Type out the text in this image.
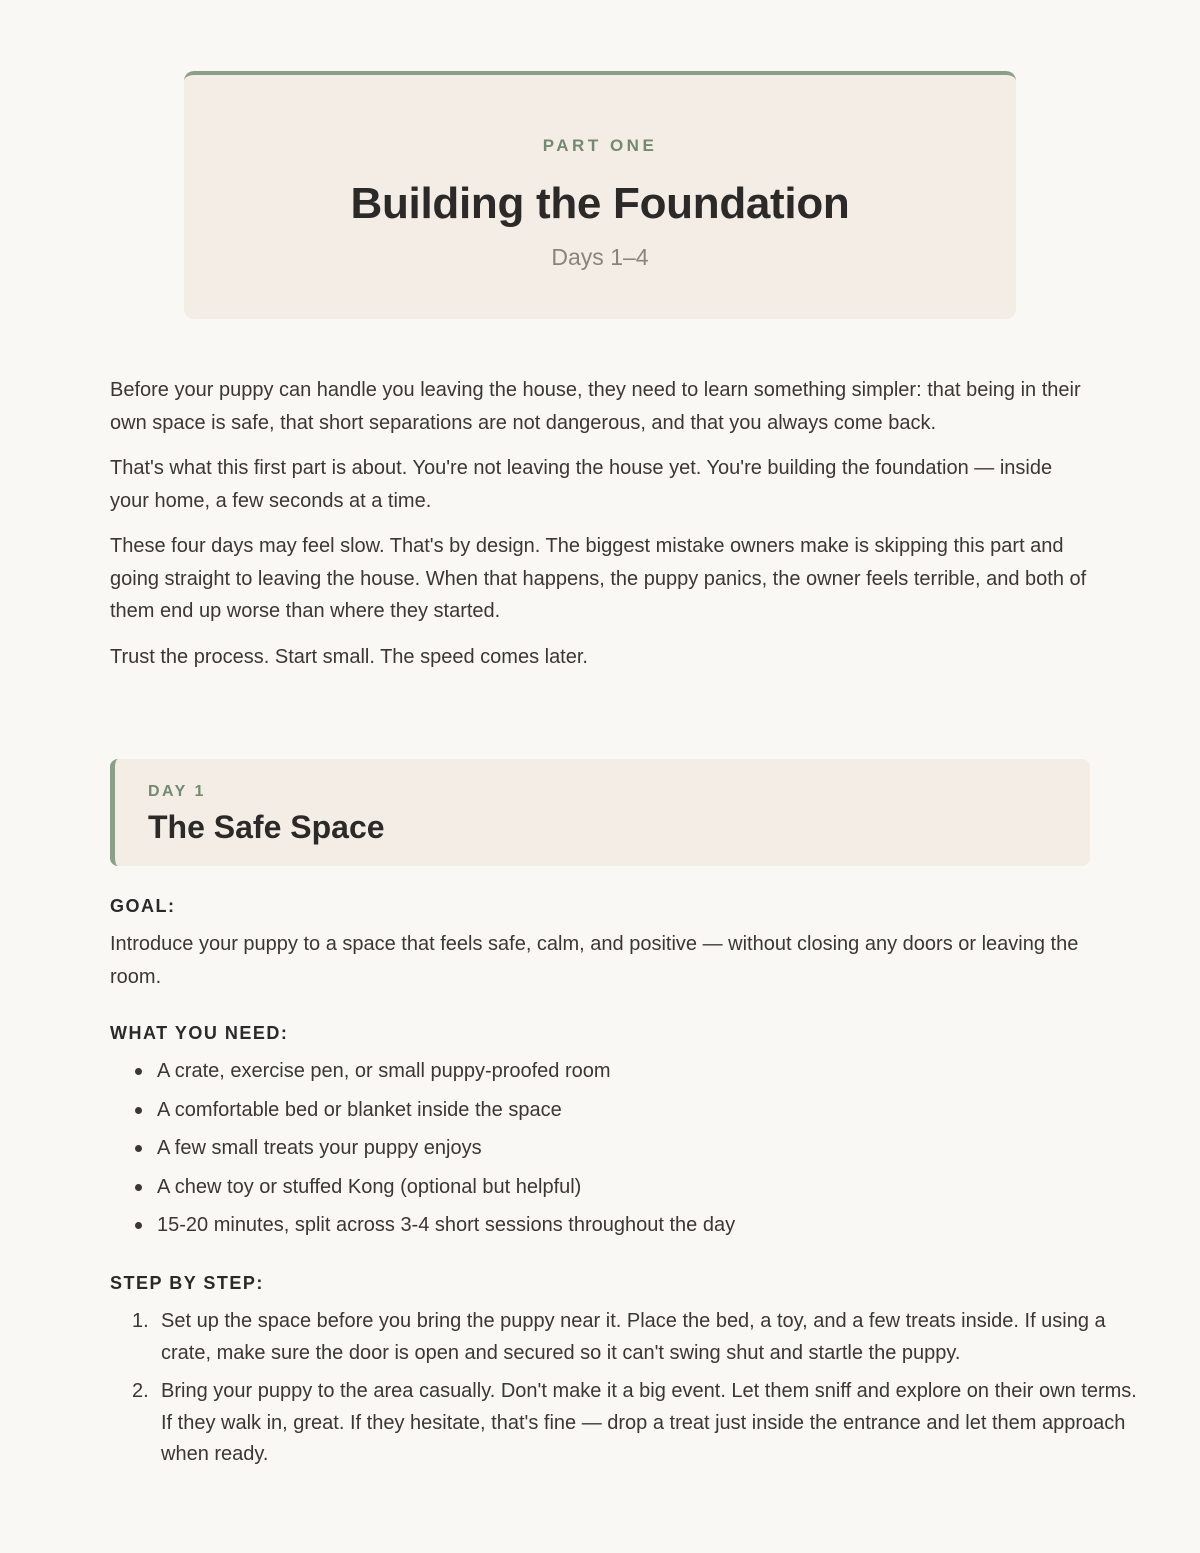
PART ONE
Building the Foundation
Days 1–4

Before your puppy can handle you leaving the house, they need to learn something simpler: that being in their own space is safe, that short separations are not dangerous, and that you always come back.

That's what this first part is about. You're not leaving the house yet. You're building the foundation — inside your home, a few seconds at a time.

These four days may feel slow. That's by design. The biggest mistake owners make is skipping this part and going straight to leaving the house. When that happens, the puppy panics, the owner feels terrible, and both of them end up worse than where they started.

Trust the process. Start small. The speed comes later.

DAY 1
The Safe Space
GOAL:

Introduce your puppy to a space that feels safe, calm, and positive — without closing any doors or leaving the room.

WHAT YOU NEED:
A crate, exercise pen, or small puppy-proofed room
A comfortable bed or blanket inside the space
A few small treats your puppy enjoys
A chew toy or stuffed Kong (optional but helpful)
15-20 minutes, split across 3-4 short sessions throughout the day
STEP BY STEP:
1. Set up the space before you bring the puppy near it. Place the bed, a toy, and a few treats inside. If using a crate, make sure the door is open and secured so it can't swing shut and startle the puppy.
2. Bring your puppy to the area casually. Don't make it a big event. Let them sniff and explore on their own terms. If they walk in, great. If they hesitate, that's fine — drop a treat just inside the entrance and let them approach when ready.
